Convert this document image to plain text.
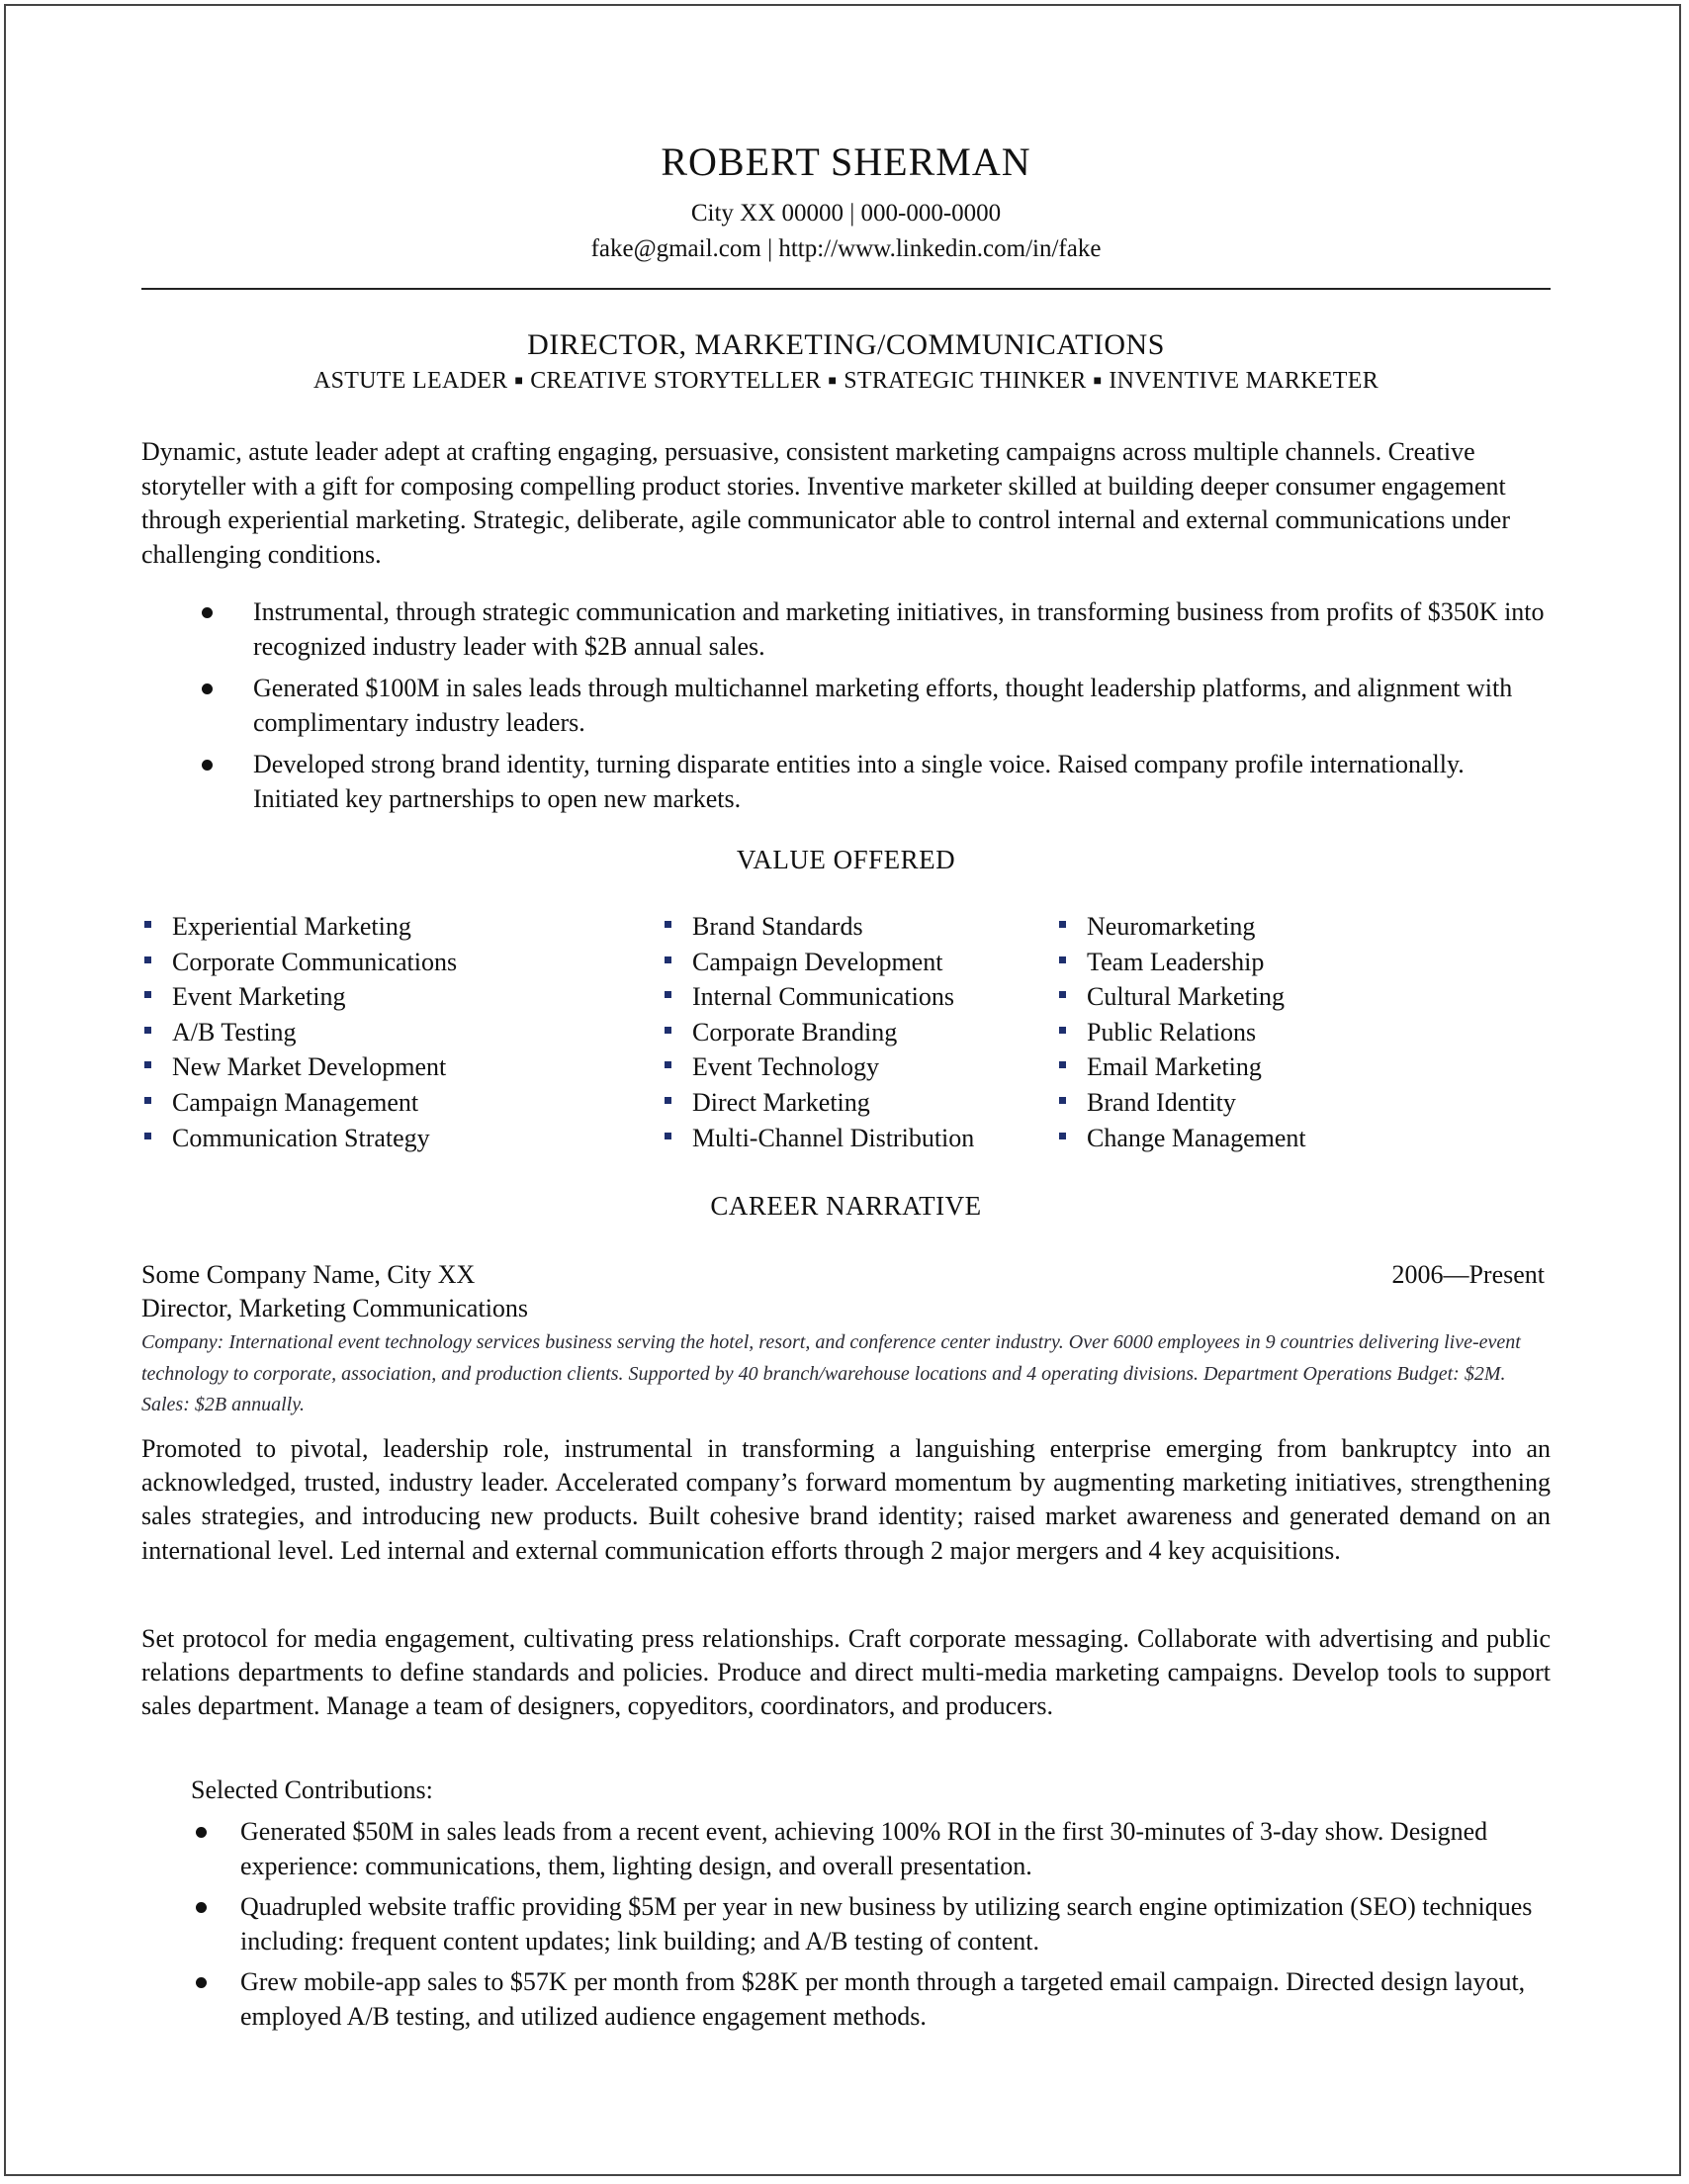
ROBERT SHERMAN
City XX 00000 | 000-000-0000
fake@gmail.com | http://www.linkedin.com/in/fake
DIRECTOR, MARKETING/COMMUNICATIONS
ASTUTE LEADER ■ CREATIVE STORYTELLER ■ STRATEGIC THINKER ■ INVENTIVE MARKETER

Dynamic, astute leader adept at crafting engaging, persuasive, consistent marketing campaigns across multiple channels. Creative storyteller with a gift for composing compelling product stories. Inventive marketer skilled at building deeper consumer engagement through experiential marketing. Strategic, deliberate, agile communicator able to control internal and external communications under challenging conditions.

Instrumental, through strategic communication and marketing initiatives, in transforming business from profits of $350K into recognized industry leader with $2B annual sales.
Generated $100M in sales leads through multichannel marketing efforts, thought leadership platforms, and alignment with complimentary industry leaders.
Developed strong brand identity, turning disparate entities into a single voice. Raised company profile internationally. Initiated key partnerships to open new markets.
VALUE OFFERED
Experiential Marketing
Corporate Communications
Event Marketing
A/B Testing
New Market Development
Campaign Management
Communication Strategy
Brand Standards
Campaign Development
Internal Communications
Corporate Branding
Event Technology
Direct Marketing
Multi-Channel Distribution
Neuromarketing
Team Leadership
Cultural Marketing
Public Relations
Email Marketing
Brand Identity
Change Management
CAREER NARRATIVE
Some Company Name, City XX	2006—Present
Director, Marketing Communications

Company: International event technology services business serving the hotel, resort, and conference center industry. Over 6000 employees in 9 countries delivering live-event technology to corporate, association, and production clients. Supported by 40 branch/warehouse locations and 4 operating divisions. Department Operations Budget: $2M. Sales: $2B annually.

Promoted to pivotal, leadership role, instrumental in transforming a languishing enterprise emerging from bankruptcy into an acknowledged, trusted, industry leader. Accelerated company’s forward momentum by augmenting marketing initiatives, strengthening sales strategies, and introducing new products. Built cohesive brand identity; raised market awareness and generated demand on an international level. Led internal and external communication efforts through 2 major mergers and 4 key acquisitions.

Set protocol for media engagement, cultivating press relationships. Craft corporate messaging. Collaborate with advertising and public relations departments to define standards and policies. Produce and direct multi-media marketing campaigns. Develop tools to support sales department. Manage a team of designers, copyeditors, coordinators, and producers.

Selected Contributions:
Generated $50M in sales leads from a recent event, achieving 100% ROI in the first 30-minutes of 3-day show. Designed experience: communications, them, lighting design, and overall presentation.
Quadrupled website traffic providing $5M per year in new business by utilizing search engine optimization (SEO) techniques including: frequent content updates; link building; and A/B testing of content.
Grew mobile-app sales to $57K per month from $28K per month through a targeted email campaign. Directed design layout, employed A/B testing, and utilized audience engagement methods.
